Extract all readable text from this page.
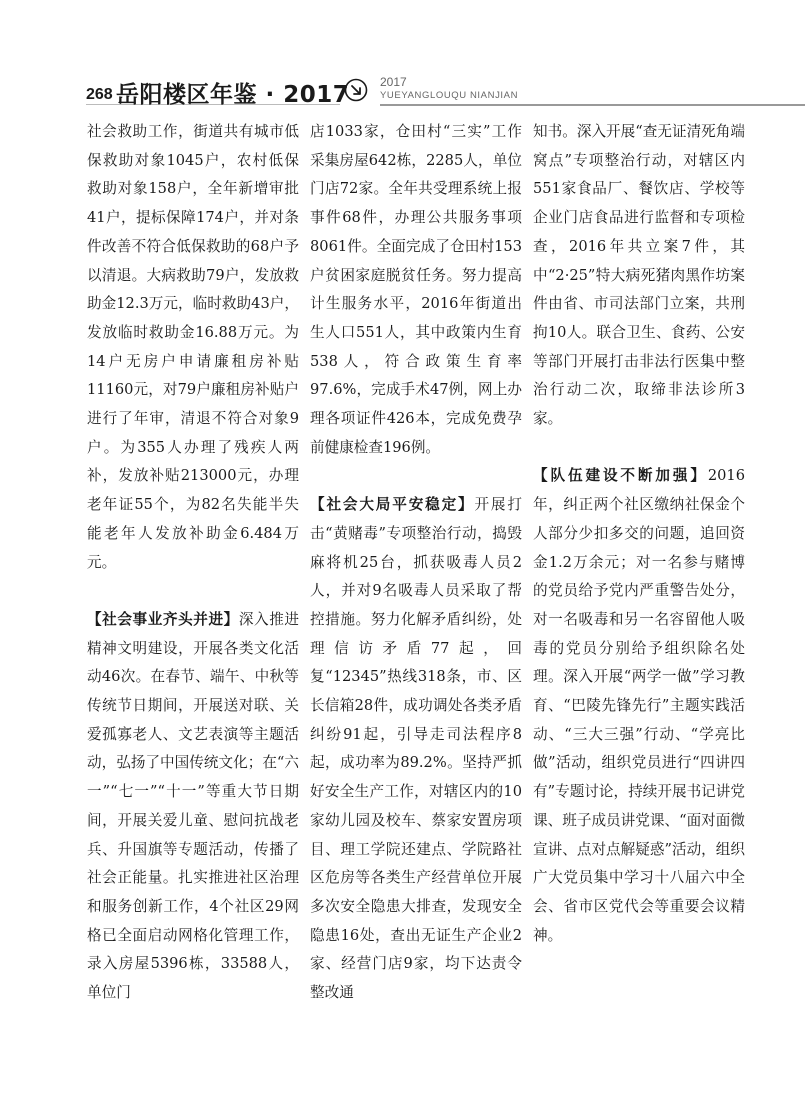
268 岳阳楼区年鉴 · 2017	2017
YUEYANGLOUQU NIANJIAN

社会救助工作，街道共有城市低保救助对象1045户，农村低保救助对象158户，全年新增审批41户，提标保障174户，并对条件改善不符合低保救助的68户予以清退。大病救助79户，发放救助金12.3万元，临时救助43户，发放临时救助金16.88万元。为14户无房户申请廉租房补贴11160元，对79户廉租房补贴户进行了年审，清退不符合对象9户。为355人办理了残疾人两补，发放补贴213000元，办理老年证55个，为82名失能半失能老年人发放补助金6.484万元。

【社会事业齐头并进】深入推进精神文明建设，开展各类文化活动46次。在春节、端午、中秋等传统节日期间，开展送对联、关爱孤寡老人、文艺表演等主题活动，弘扬了中国传统文化；在“六一”“七一”“十一”等重大节日期间，开展关爱儿童、慰问抗战老兵、升国旗等专题活动，传播了社会正能量。扎实推进社区治理和服务创新工作，4个社区29网格已全面启动网格化管理工作，录入房屋5396栋，33588人，单位门

店1033家，仓田村“三实”工作采集房屋642栋，2285人，单位门店72家。全年共受理系统上报事件68件，办理公共服务事项8061件。全面完成了仓田村153户贫困家庭脱贫任务。努力提高计生服务水平，2016年街道出生人口551人，其中政策内生育538人，符合政策生育率97.6%，完成手术47例，网上办理各项证件426本，完成免费孕前健康检查196例。

【社会大局平安稳定】开展打击“黄赌毒”专项整治行动，捣毁麻将机25台，抓获吸毒人员2人，并对9名吸毒人员采取了帮控措施。努力化解矛盾纠纷，处理信访矛盾77起，回复“12345”热线318条，市、区长信箱28件，成功调处各类矛盾纠纷91起，引导走司法程序8起，成功率为89.2%。坚持严抓好安全生产工作，对辖区内的10家幼儿园及校车、蔡家安置房项目、理工学院还建点、学院路社区危房等各类生产经营单位开展多次安全隐患大排查，发现安全隐患16处，查出无证生产企业2家、经营门店9家，均下达责令整改通

知书。深入开展“查无证清死角端窝点”专项整治行动，对辖区内551家食品厂、餐饮店、学校等企业门店食品进行监督和专项检查，2016年共立案7件，其中“2·25”特大病死猪肉黑作坊案件由省、市司法部门立案，共刑拘10人。联合卫生、食药、公安等部门开展打击非法行医集中整治行动二次，取缔非法诊所3家。

【队伍建设不断加强】2016年，纠正两个社区缴纳社保金个人部分少扣多交的问题，追回资金1.2万余元；对一名参与赌博的党员给予党内严重警告处分，对一名吸毒和另一名容留他人吸毒的党员分别给予组织除名处理。深入开展“两学一做”学习教育、“巴陵先锋先行”主题实践活动、“三大三强”行动、“学亮比做”活动，组织党员进行“四讲四有”专题讨论，持续开展书记讲党课、班子成员讲党课、“面对面微宣讲、点对点解疑惑”活动，组织广大党员集中学习十八届六中全会、省市区党代会等重要会议精神。
